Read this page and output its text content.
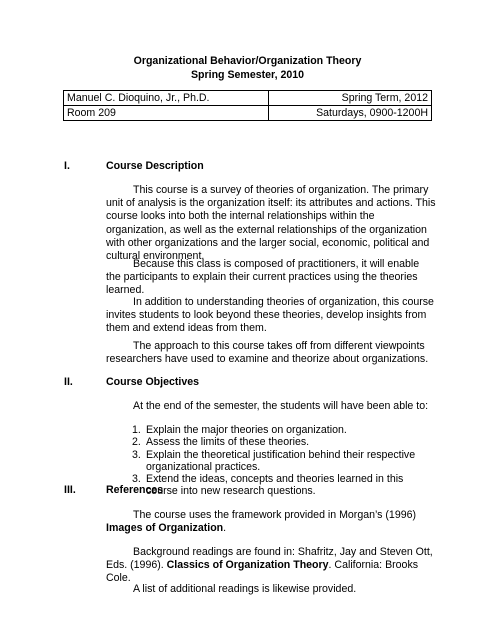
Organizational Behavior/Organization Theory
Spring Semester, 2010
Manuel C. Dioquino, Jr., Ph.D.	Spring Term, 2012
Room 209	Saturdays, 0900-1200H
I.	Course Description

This course is a survey of theories of organization. The primary unit of analysis is the organization itself: its attributes and actions. This course looks into both the internal relationships within the organization, as well as the external relationships of the organization with other organizations and the larger social, economic, political and cultural environment.

Because this class is composed of practitioners, it will enable the participants to explain their current practices using the theories learned.

In addition to understanding theories of organization, this course invites students to look beyond these theories, develop insights from them and extend ideas from them.

The approach to this course takes off from different viewpoints researchers have used to examine and theorize about organizations.

II.	Course Objectives

At the end of the semester, the students will have been able to:

1. Explain the major theories on organization.
2. Assess the limits of these theories.
3. Explain the theoretical justification behind their respective organizational practices.
3. Extend the ideas, concepts and theories learned in this course into new research questions.
III.	References

The course uses the framework provided in Morgan’s (1996)
Images of Organization.

Background readings are found in: Shafritz, Jay and Steven Ott, Eds. (1996). Classics of Organization Theory. California: Brooks Cole.

A list of additional readings is likewise provided.
